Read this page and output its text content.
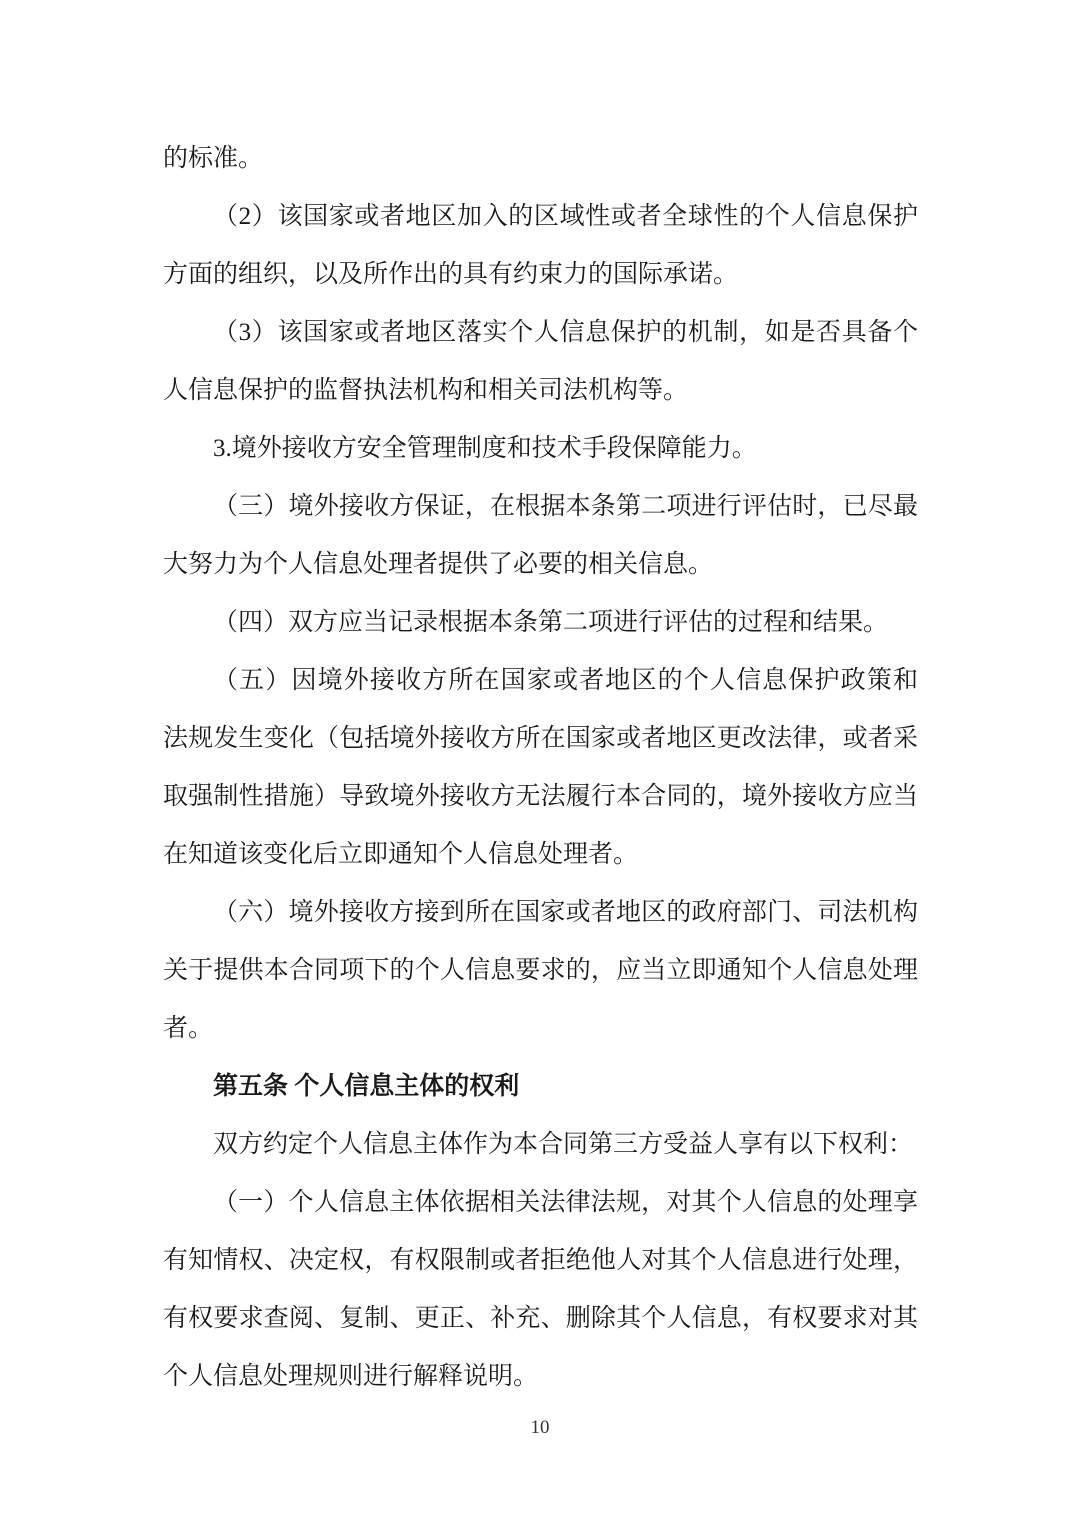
的标准。
（2）该国家或者地区加入的区域性或者全球性的个人信息保护
方面的组织，以及所作出的具有约束力的国际承诺。
（3）该国家或者地区落实个人信息保护的机制，如是否具备个
人信息保护的监督执法机构和相关司法机构等。
3.境外接收方安全管理制度和技术手段保障能力。
（三）境外接收方保证，在根据本条第二项进行评估时，已尽最
大努力为个人信息处理者提供了必要的相关信息。
（四）双方应当记录根据本条第二项进行评估的过程和结果。
（五）因境外接收方所在国家或者地区的个人信息保护政策和
法规发生变化（包括境外接收方所在国家或者地区更改法律，或者采
取强制性措施）导致境外接收方无法履行本合同的，境外接收方应当
在知道该变化后立即通知个人信息处理者。
（六）境外接收方接到所在国家或者地区的政府部门、司法机构
关于提供本合同项下的个人信息要求的，应当立即通知个人信息处理
者。
第五条 个人信息主体的权利
双方约定个人信息主体作为本合同第三方受益人享有以下权利：
（一）个人信息主体依据相关法律法规，对其个人信息的处理享
有知情权、决定权，有权限制或者拒绝他人对其个人信息进行处理，
有权要求查阅、复制、更正、补充、删除其个人信息，有权要求对其
个人信息处理规则进行解释说明。
10
